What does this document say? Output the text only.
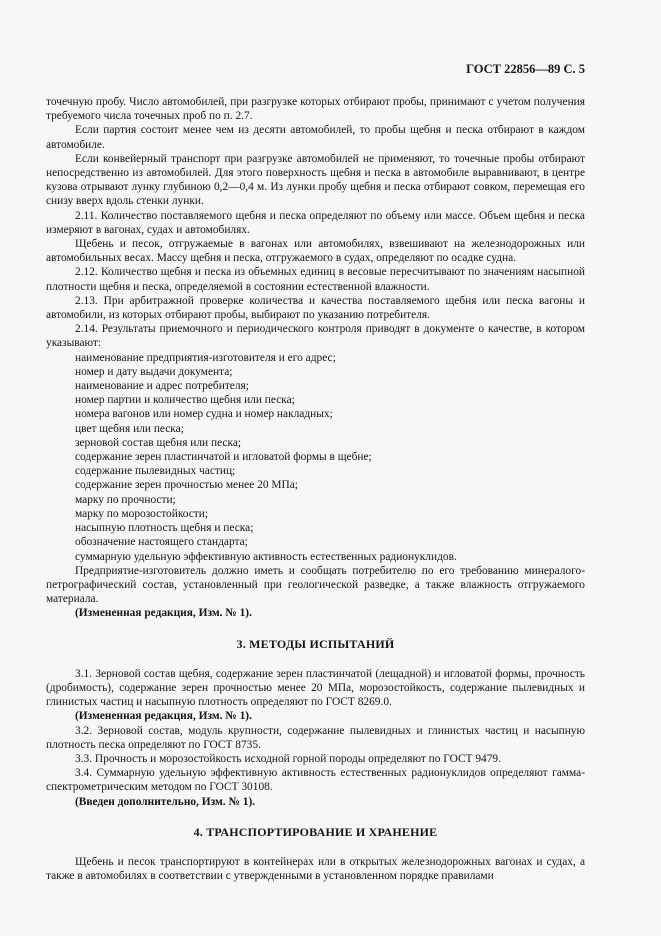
ГОСТ 22856—89 С. 5

точечную пробу. Число автомобилей, при разгрузке которых отбирают пробы, принимают с учетом получения требуемого числа точечных проб по п. 2.7.

Если партия состоит менее чем из десяти автомобилей, то пробы щебня и песка отбирают в каждом автомобиле.

Если конвейерный транспорт при разгрузке автомобилей не применяют, то точечные пробы отбирают непосредственно из автомобилей. Для этого поверхность щебня и песка в автомобиле выравнивают, в центре кузова отрывают лунку глубиною 0,2—0,4 м. Из лунки пробу щебня и песка отбирают совком, перемещая его снизу вверх вдоль стенки лунки.

2.11. Количество поставляемого щебня и песка определяют по объему или массе. Объем щебня и песка измеряют в вагонах, судах и автомобилях.

Щебень и песок, отгружаемые в вагонах или автомобилях, взвешивают на железнодорожных или автомобильных весах. Массу щебня и песка, отгружаемого в судах, определяют по осадке судна.

2.12. Количество щебня и песка из объемных единиц в весовые пересчитывают по значениям насыпной плотности щебня и песка, определяемой в состоянии естественной влажности.

2.13. При арбитражной проверке количества и качества поставляемого щебня или песка вагоны и автомобили, из которых отбирают пробы, выбирают по указанию потребителя.

2.14. Результаты приемочного и периодического контроля приводят в документе о качестве, в котором указывают:

наименование предприятия-изготовителя и его адрес;

номер и дату выдачи документа;

наименование и адрес потребителя;

номер партии и количество щебня или песка;

номера вагонов или номер судна и номер накладных;

цвет щебня или песка;

зерновой состав щебня или песка;

содержание зерен пластинчатой и игловатой формы в щебне;

содержание пылевидных частиц;

содержание зерен прочностью менее 20 МПа;

марку по прочности;

марку по морозостойкости;

насыпную плотность щебня и песка;

обозначение настоящего стандарта;

суммарную удельную эффективную активность естественных радионуклидов.

Предприятие-изготовитель должно иметь и сообщать потребителю по его требованию минералого-петрографический состав, установленный при геологической разведке, а также влажность отгружаемого материала.

(Измененная редакция, Изм. № 1).

3. МЕТОДЫ ИСПЫТАНИЙ

3.1. Зерновой состав щебня, содержание зерен пластинчатой (лещадной) и игловатой формы, прочность (дробимость), содержание зерен прочностью менее 20 МПа, морозостойкость, содержание пылевидных и глинистых частиц и насыпную плотность определяют по ГОСТ 8269.0.

(Измененная редакция, Изм. № 1).

3.2. Зерновой состав, модуль крупности, содержание пылевидных и глинистых частиц и насыпную плотность песка определяют по ГОСТ 8735.

3.3. Прочность и морозостойкость исходной горной породы определяют по ГОСТ 9479.

3.4. Суммарную удельную эффективную активность естественных радионуклидов определяют гамма-спектрометрическим методом по ГОСТ 30108.

(Введен дополнительно, Изм. № 1).

4. ТРАНСПОРТИРОВАНИЕ И ХРАНЕНИЕ

Щебень и песок транспортируют в контейнерах или в открытых железнодорожных вагонах и судах, а также в автомобилях в соответствии с утвержденными в установленном порядке правилами
